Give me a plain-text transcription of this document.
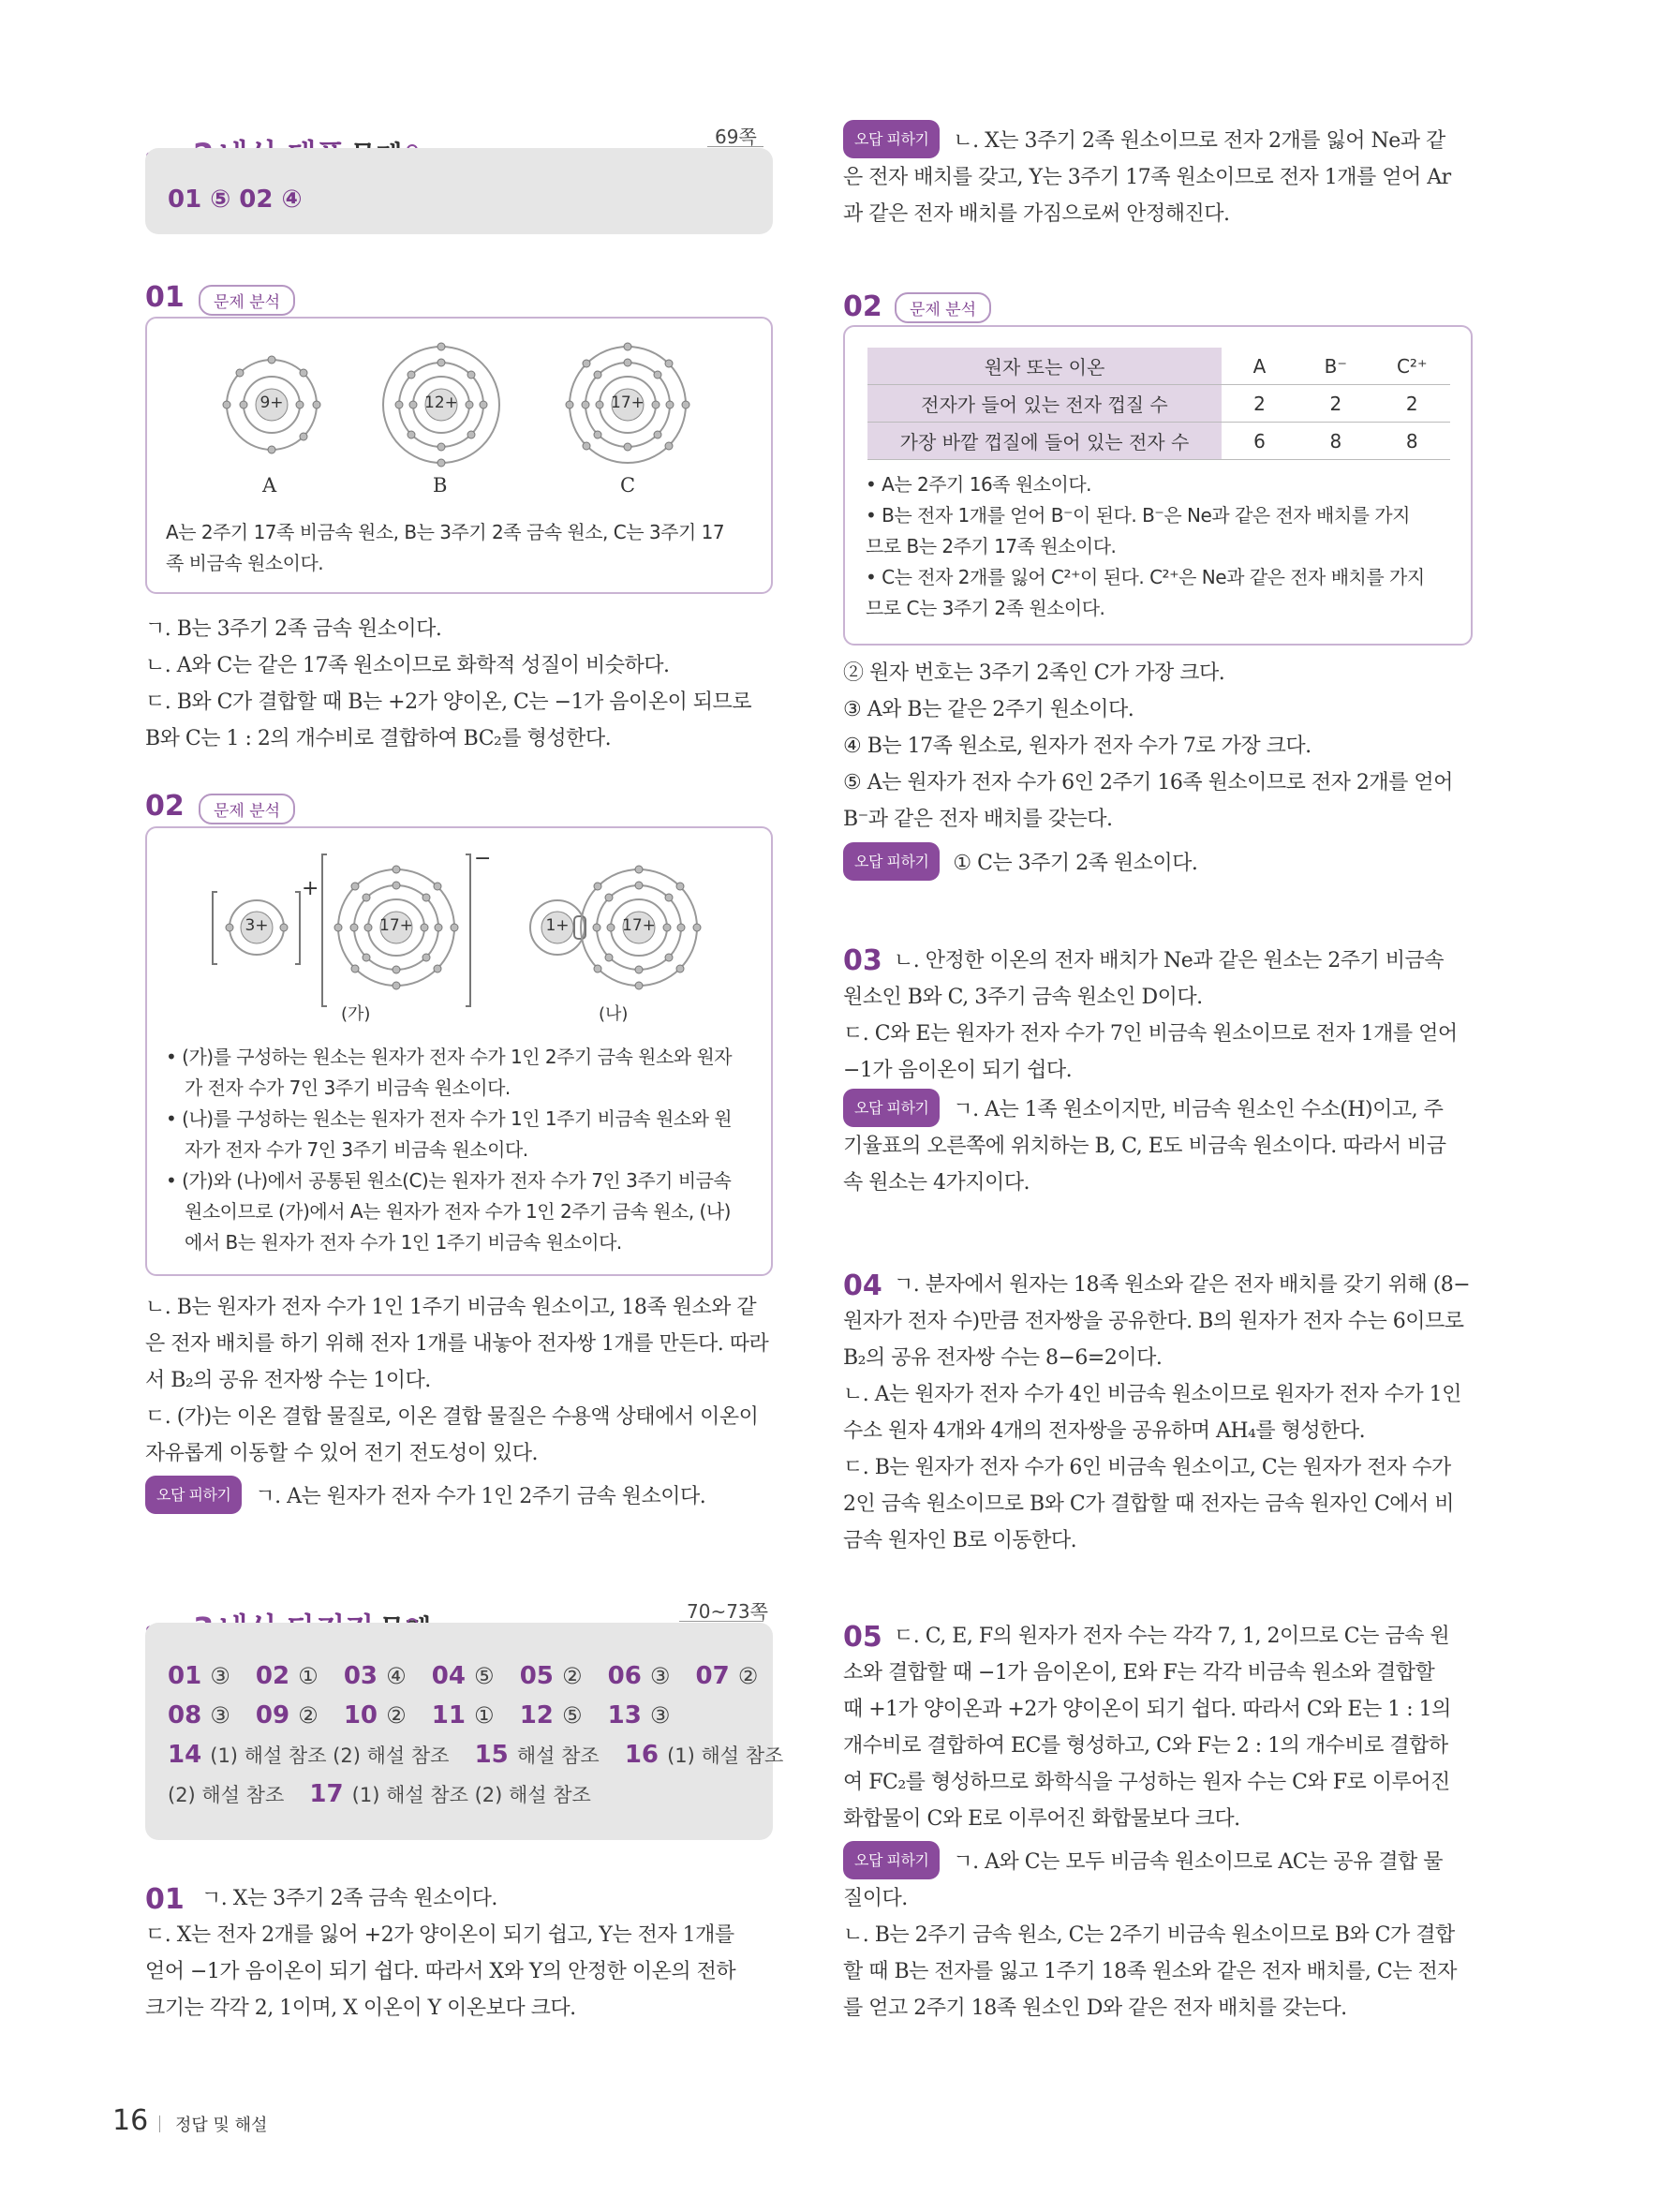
69쪽
01 ⑤ 02 ④
01	문제 분석
9+	12+	17+
A	B	C
A는 2주기 17족 비금속 원소, B는 3주기 2족 금속 원소, C는 3주기 17
족 비금속 원소이다.
ㄱ. B는 3주기 2족 금속 원소이다.
ㄴ. A와 C는 같은 17족 원소이므로 화학적 성질이 비슷하다.
ㄷ. B와 C가 결합할 때 B는 +2가 양이온, C는 −1가 음이온이 되므로
B와 C는 1 : 2의 개수비로 결합하여 BC₂를 형성한다.
02	문제 분석
3+
+
17+
−
1+	17+
(가)	(나)
• (가)를 구성하는 원소는 원자가 전자 수가 1인 2주기 금속 원소와 원자
가 전자 수가 7인 3주기 비금속 원소이다.
• (나)를 구성하는 원소는 원자가 전자 수가 1인 1주기 비금속 원소와 원
자가 전자 수가 7인 3주기 비금속 원소이다.
• (가)와 (나)에서 공통된 원소(C)는 원자가 전자 수가 7인 3주기 비금속
원소이므로 (가)에서 A는 원자가 전자 수가 1인 2주기 금속 원소, (나)
에서 B는 원자가 전자 수가 1인 1주기 비금속 원소이다.
ㄴ. B는 원자가 전자 수가 1인 1주기 비금속 원소이고, 18족 원소와 같
은 전자 배치를 하기 위해 전자 1개를 내놓아 전자쌍 1개를 만든다. 따라
서 B₂의 공유 전자쌍 수는 1이다.
ㄷ. (가)는 이온 결합 물질로, 이온 결합 물질은 수용액 상태에서 이온이
자유롭게 이동할 수 있어 전기 전도성이 있다.
오답 피하기 ㄱ. A는 원자가 전자 수가 1인 2주기 금속 원소이다.
70~73쪽
01 ③ 02 ① 03 ④ 04 ⑤ 05 ② 06 ③ 07 ②
08 ③ 09 ② 10 ② 11 ① 12 ⑤ 13 ③
14 (1) 해설 참조 (2) 해설 참조 15 해설 참조 16 (1) 해설 참조
(2) 해설 참조 17 (1) 해설 참조 (2) 해설 참조
01 ㄱ. X는 3주기 2족 금속 원소이다.
ㄷ. X는 전자 2개를 잃어 +2가 양이온이 되기 쉽고, Y는 전자 1개를
얻어 −1가 음이온이 되기 쉽다. 따라서 X와 Y의 안정한 이온의 전하
크기는 각각 2, 1이며, X 이온이 Y 이온보다 크다.
오답 피하기 ㄴ. X는 3주기 2족 원소이므로 전자 2개를 잃어 Ne과 같
은 전자 배치를 갖고, Y는 3주기 17족 원소이므로 전자 1개를 얻어 Ar
과 같은 전자 배치를 가짐으로써 안정해진다.
02	문제 분석
원자 또는 이온	A	B⁻	C²⁺
전자가 들어 있는 전자 껍질 수	2	2	2
가장 바깥 껍질에 들어 있는 전자 수	6	8	8
• A는 2주기 16족 원소이다.
• B는 전자 1개를 얻어 B⁻이 된다. B⁻은 Ne과 같은 전자 배치를 가지
므로 B는 2주기 17족 원소이다.
• C는 전자 2개를 잃어 C²⁺이 된다. C²⁺은 Ne과 같은 전자 배치를 가지
므로 C는 3주기 2족 원소이다.
② 원자 번호는 3주기 2족인 C가 가장 크다.
③ A와 B는 같은 2주기 원소이다.
④ B는 17족 원소로, 원자가 전자 수가 7로 가장 크다.
⑤ A는 원자가 전자 수가 6인 2주기 16족 원소이므로 전자 2개를 얻어
B⁻과 같은 전자 배치를 갖는다.
오답 피하기 ① C는 3주기 2족 원소이다.
03 ㄴ. 안정한 이온의 전자 배치가 Ne과 같은 원소는 2주기 비금속
원소인 B와 C, 3주기 금속 원소인 D이다.
ㄷ. C와 E는 원자가 전자 수가 7인 비금속 원소이므로 전자 1개를 얻어
−1가 음이온이 되기 쉽다.
오답 피하기 ㄱ. A는 1족 원소이지만, 비금속 원소인 수소(H)이고, 주
기율표의 오른쪽에 위치하는 B, C, E도 비금속 원소이다. 따라서 비금
속 원소는 4가지이다.
04 ㄱ. 분자에서 원자는 18족 원소와 같은 전자 배치를 갖기 위해 (8−
원자가 전자 수)만큼 전자쌍을 공유한다. B의 원자가 전자 수는 6이므로
B₂의 공유 전자쌍 수는 8−6=2이다.
ㄴ. A는 원자가 전자 수가 4인 비금속 원소이므로 원자가 전자 수가 1인
수소 원자 4개와 4개의 전자쌍을 공유하며 AH₄를 형성한다.
ㄷ. B는 원자가 전자 수가 6인 비금속 원소이고, C는 원자가 전자 수가
2인 금속 원소이므로 B와 C가 결합할 때 전자는 금속 원자인 C에서 비
금속 원자인 B로 이동한다.
05 ㄷ. C, E, F의 원자가 전자 수는 각각 7, 1, 2이므로 C는 금속 원
소와 결합할 때 −1가 음이온이, E와 F는 각각 비금속 원소와 결합할
때 +1가 양이온과 +2가 양이온이 되기 쉽다. 따라서 C와 E는 1 : 1의
개수비로 결합하여 EC를 형성하고, C와 F는 2 : 1의 개수비로 결합하
여 FC₂를 형성하므로 화학식을 구성하는 원자 수는 C와 F로 이루어진
화합물이 C와 E로 이루어진 화합물보다 크다.
오답 피하기 ㄱ. A와 C는 모두 비금속 원소이므로 AC는 공유 결합 물
질이다.
ㄴ. B는 2주기 금속 원소, C는 2주기 비금속 원소이므로 B와 C가 결합
할 때 B는 전자를 잃고 1주기 18족 원소와 같은 전자 배치를, C는 전자
를 얻고 2주기 18족 원소인 D와 같은 전자 배치를 갖는다.
16 정답 및 해설
